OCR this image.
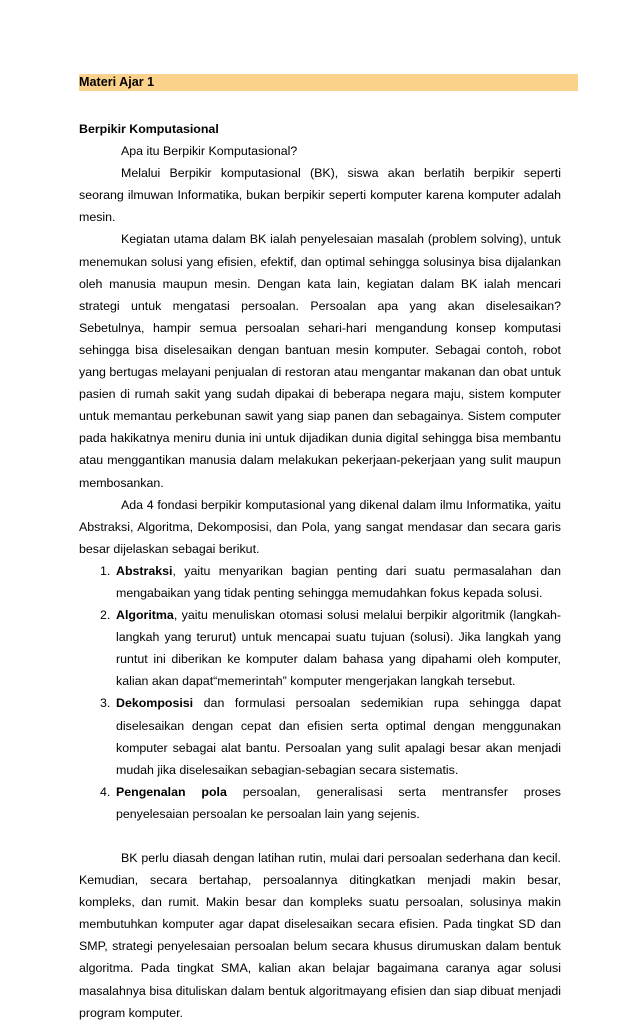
Materi Ajar 1

Berpikir Komputasional

Apa itu Berpikir Komputasional?

Melalui Berpikir komputasional (BK), siswa akan berlatih berpikir seperti seorang ilmuwan Informatika, bukan berpikir seperti komputer karena komputer adalah mesin.

Kegiatan utama dalam BK ialah penyelesaian masalah (problem solving), untuk menemukan solusi yang efisien, efektif, dan optimal sehingga solusinya bisa dijalankan oleh manusia maupun mesin. Dengan kata lain, kegiatan dalam BK ialah mencari strategi untuk mengatasi persoalan. Persoalan apa yang akan diselesaikan? Sebetulnya, hampir semua persoalan sehari-hari mengandung konsep komputasi sehingga bisa diselesaikan dengan bantuan mesin komputer. Sebagai contoh, robot yang bertugas melayani penjualan di restoran atau mengantar makanan dan obat untuk pasien di rumah sakit yang sudah dipakai di beberapa negara maju, sistem komputer untuk memantau perkebunan sawit yang siap panen dan sebagainya. Sistem computer pada hakikatnya meniru dunia ini untuk dijadikan dunia digital sehingga bisa membantu atau menggantikan manusia dalam melakukan pekerjaan-pekerjaan yang sulit maupun membosankan.

Ada 4 fondasi berpikir komputasional yang dikenal dalam ilmu Informatika, yaitu Abstraksi, Algoritma, Dekomposisi, dan Pola, yang sangat mendasar dan secara garis besar dijelaskan sebagai berikut.

1. Abstraksi, yaitu menyarikan bagian penting dari suatu permasalahan dan mengabaikan yang tidak penting sehingga memudahkan fokus kepada solusi.
2. Algoritma, yaitu menuliskan otomasi solusi melalui berpikir algoritmik (langkah-langkah yang terurut) untuk mencapai suatu tujuan (solusi). Jika langkah yang runtut ini diberikan ke komputer dalam bahasa yang dipahami oleh komputer, kalian akan dapat“memerintah” komputer mengerjakan langkah tersebut.
3. Dekomposisi dan formulasi persoalan sedemikian rupa sehingga dapat diselesaikan dengan cepat dan efisien serta optimal dengan menggunakan komputer sebagai alat bantu. Persoalan yang sulit apalagi besar akan menjadi mudah jika diselesaikan sebagian-sebagian secara sistematis.
4. Pengenalan pola persoalan, generalisasi serta mentransfer proses penyelesaian persoalan ke persoalan lain yang sejenis.

BK perlu diasah dengan latihan rutin, mulai dari persoalan sederhana dan kecil. Kemudian, secara bertahap, persoalannya ditingkatkan menjadi makin besar, kompleks, dan rumit. Makin besar dan kompleks suatu persoalan, solusinya makin membutuhkan komputer agar dapat diselesaikan secara efisien. Pada tingkat SD dan SMP, strategi penyelesaian persoalan belum secara khusus dirumuskan dalam bentuk algoritma. Pada tingkat SMA, kalian akan belajar bagaimana caranya agar solusi masalahnya bisa dituliskan dalam bentuk algoritmayang efisien dan siap dibuat menjadi program komputer.
